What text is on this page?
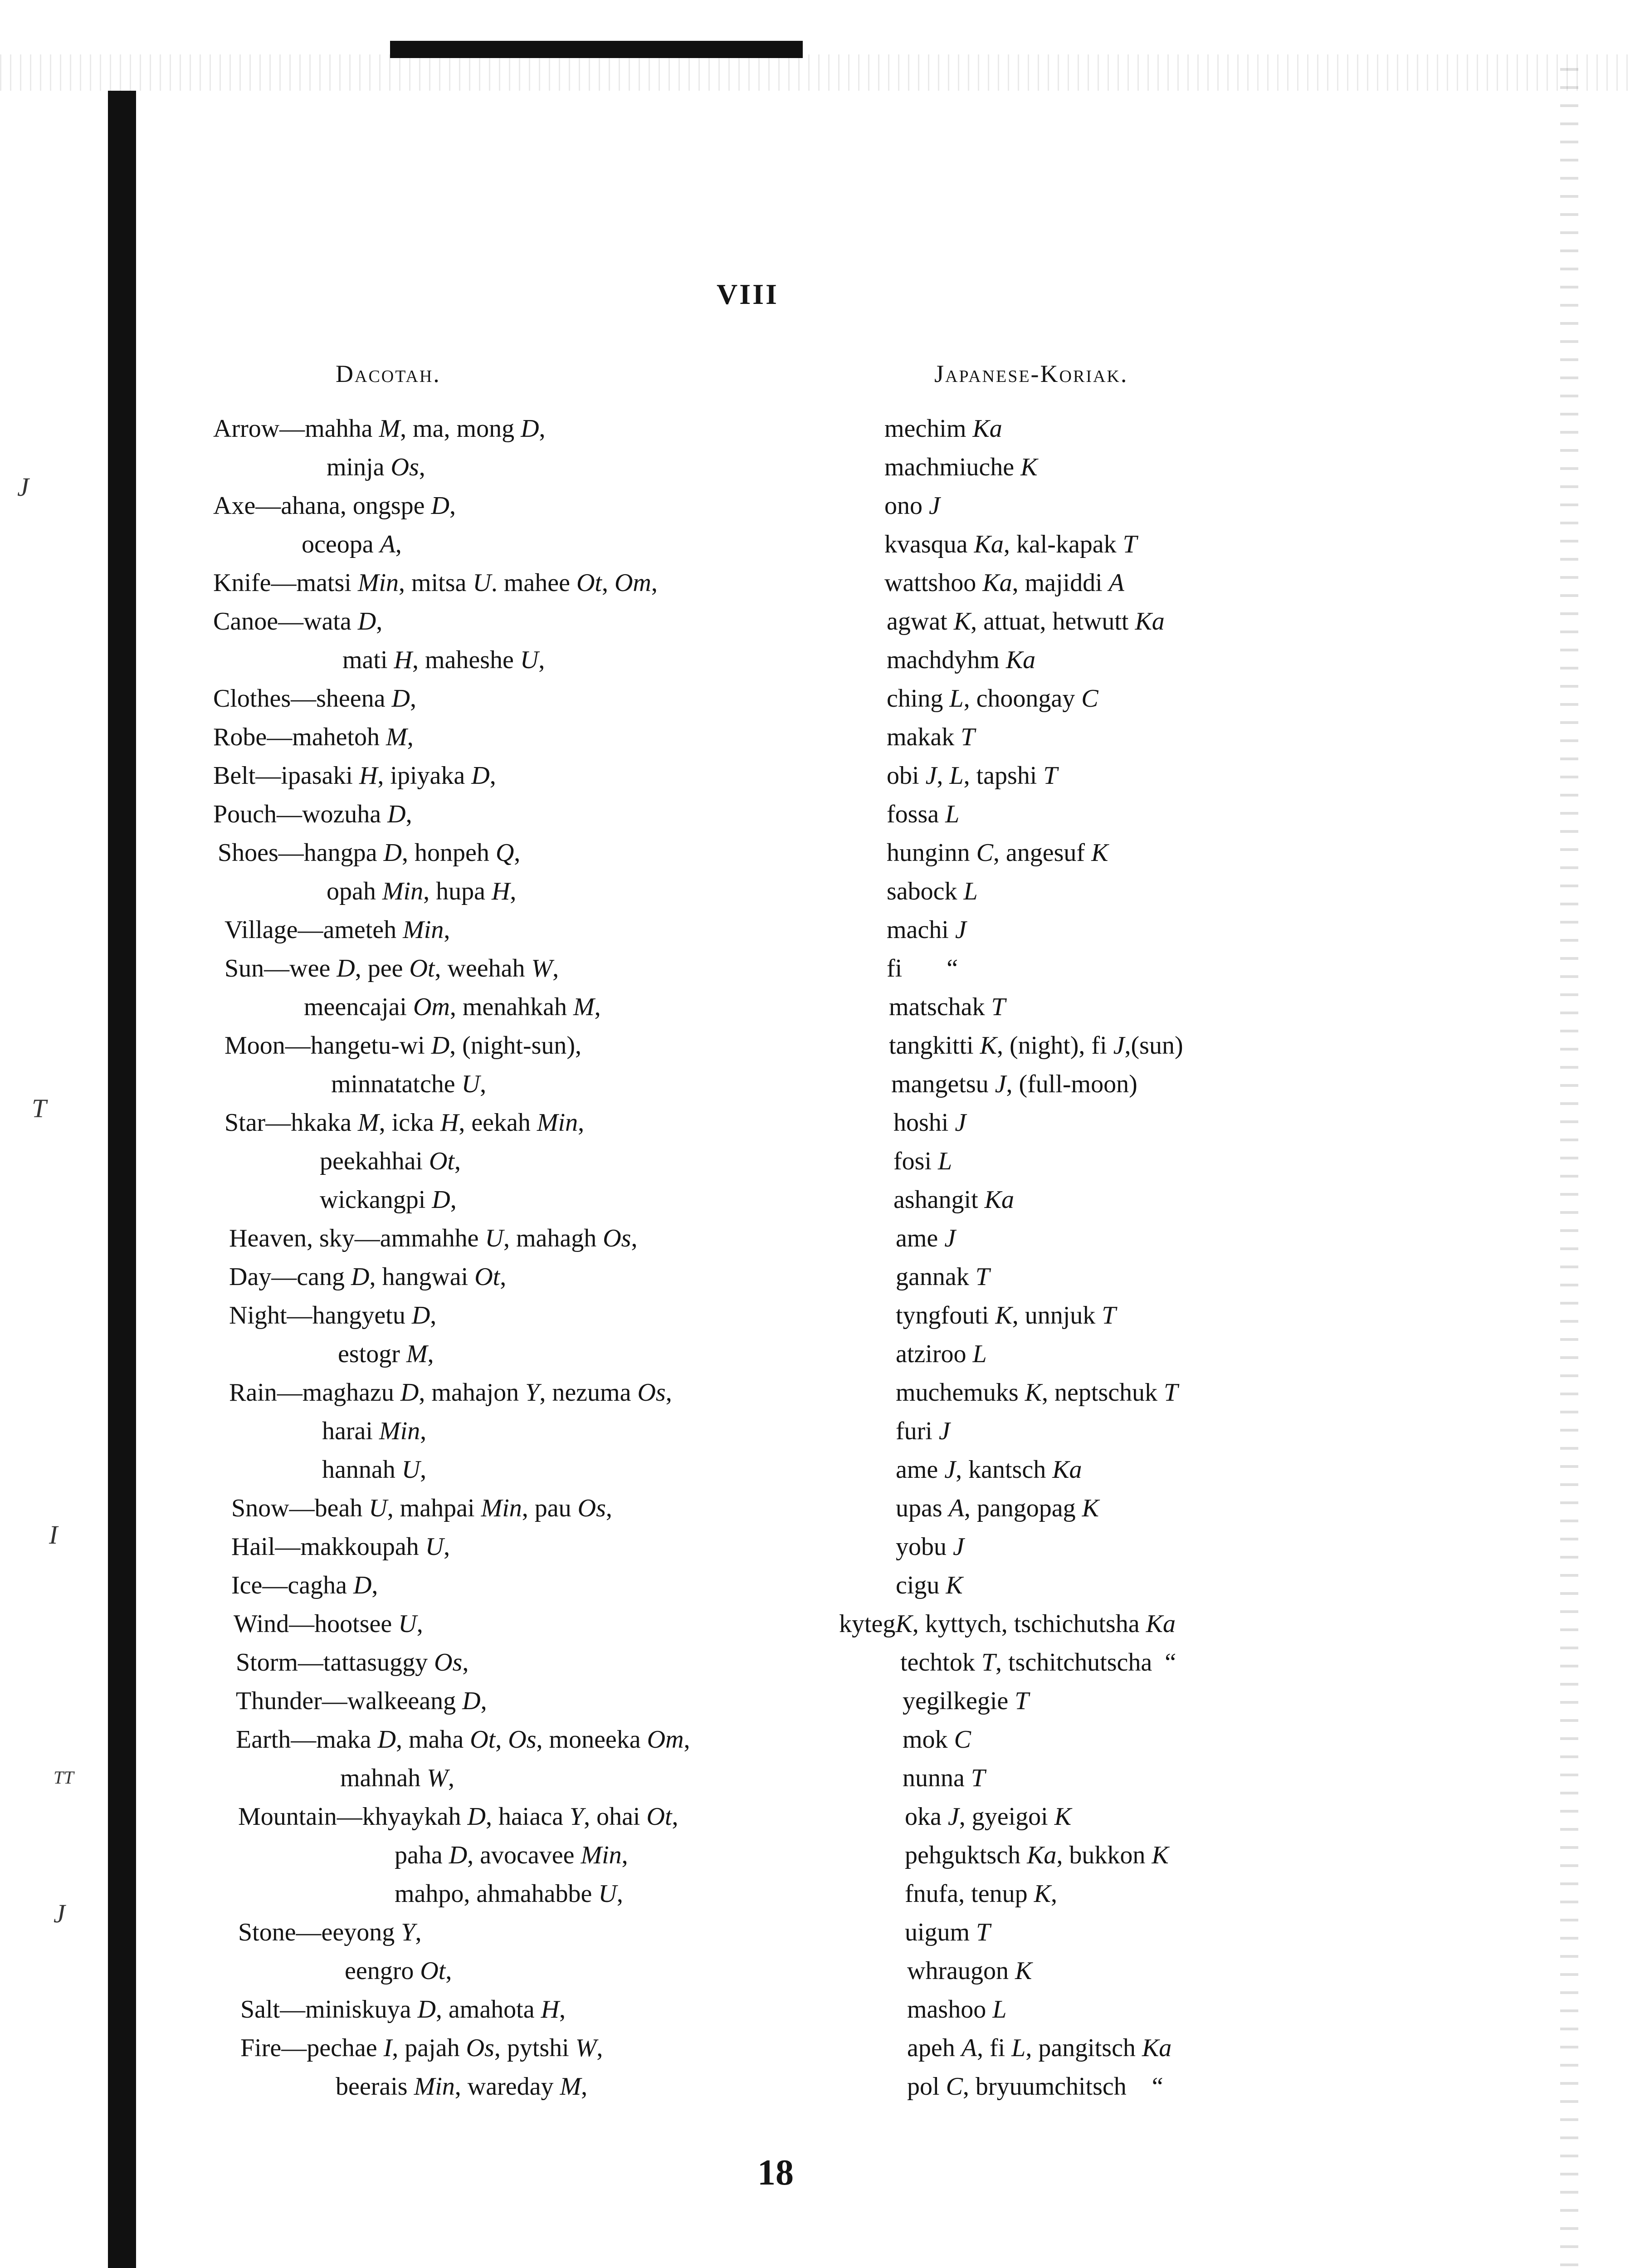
J
T
I
TT
J
VIII
Dacotah.	Japanese-Koriak.
Arrow—mahha M, ma, mong D,
minja Os,
Axe—ahana, ongspe D,
oceopa A,
Knife—matsi Min, mitsa U. mahee Ot, Om,
Canoe—wata D,
mati H, maheshe U,
Clothes—sheena D,
Robe—mahetoh M,
Belt—ipasaki H, ipiyaka D,
Pouch—wozuha D,
Shoes—hangpa D, honpeh Q,
opah Min, hupa H,
Village—ameteh Min,
Sun—wee D, pee Ot, weehah W,
meencajai Om, menahkah M,
Moon—hangetu-wi D, (night-sun),
minnatatche U,
Star—hkaka M, icka H, eekah Min,
peekahhai Ot,
wickangpi D,
Heaven, sky—ammahhe U, mahagh Os,
Day—cang D, hangwai Ot,
Night—hangyetu D,
estogr M,
Rain—maghazu D, mahajon Y, nezuma Os,
harai Min,
hannah U,
Snow—beah U, mahpai Min, pau Os,
Hail—makkoupah U,
Ice—cagha D,
Wind—hootsee U,
Storm—tattasuggy Os,
Thunder—walkeeang D,
Earth—maka D, maha Ot, Os, moneeka Om,
mahnah W,
Mountain—khyaykah D, haiaca Y, ohai Ot,
paha D, avocavee Min,
mahpo, ahmahabbe U,
Stone—eeyong Y,
eengro Ot,
Salt—miniskuya D, amahota H,
Fire—pechae I, pajah Os, pytshi W,
beerais Min, wareday M,
mechim Ka
machmiuche K
ono J
kvasqua Ka, kal-kapak T
wattshoo Ka, majiddi A
agwat K, attuat, hetwutt Ka
machdyhm Ka
ching L, choongay C
makak T
obi J, L, tapshi T
fossa L
hunginn C, angesuf K
sabock L
machi J
fi       “
matschak T
tangkitti K, (night), fi J,(sun)
mangetsu J, (full-moon)
hoshi J
fosi L
ashangit Ka
ame J
gannak T
tyngfouti K, unnjuk T
atziroo L
muchemuks K, neptschuk T
furi J
ame J, kantsch Ka
upas A, pangopag K
yobu J
cigu K
kytegK, kyttych, tschichutsha Ka
techtok T, tschitchutscha  “
yegilkegie T
mok C
nunna T
oka J, gyeigoi K
pehguktsch Ka, bukkon K
fnufa, tenup K,
uigum T
whraugon K
mashoo L
apeh A, fi L, pangitsch Ka
pol C, bryuumchitsch    “
18
